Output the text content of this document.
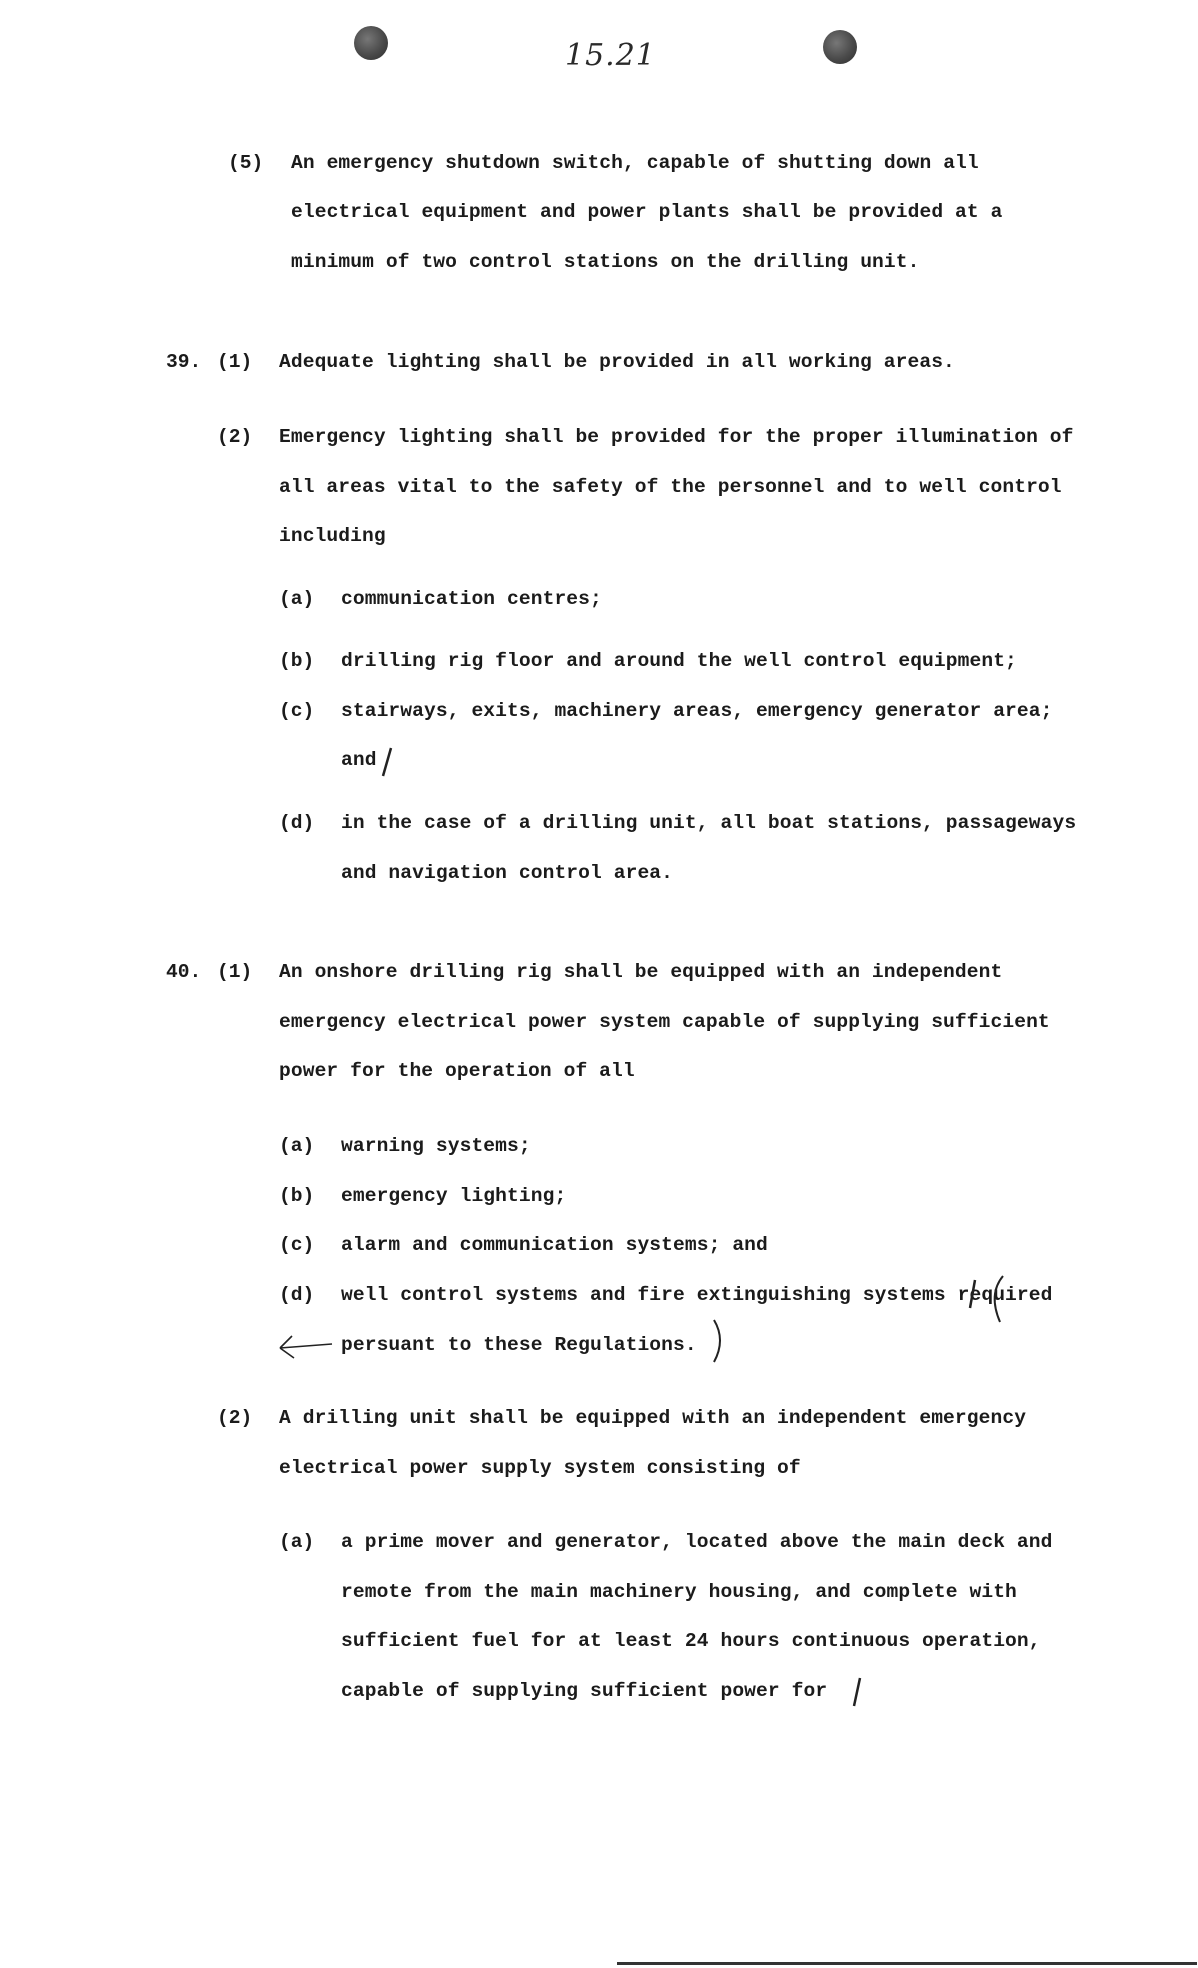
15.21
(5) An emergency shutdown switch, capable of shutting down all
electrical equipment and power plants shall be provided at a
minimum of two control stations on the drilling unit.
39. (1) Adequate lighting shall be provided in all working areas.
(2) Emergency lighting shall be provided for the proper illumination of
all areas vital to the safety of the personnel and to well control
including
(a) communication centres;
(b) drilling rig floor and around the well control equipment;
(c) stairways, exits, machinery areas, emergency generator area;
and
(d) in the case of a drilling unit, all boat stations, passageways
and navigation control area.
40. (1) An onshore drilling rig shall be equipped with an independent
emergency electrical power system capable of supplying sufficient
power for the operation of all
(a) warning systems;
(b) emergency lighting;
(c) alarm and communication systems; and
(d) well control systems and fire extinguishing systems required
persuant to these Regulations.
(2) A drilling unit shall be equipped with an independent emergency
electrical power supply system consisting of
(a) a prime mover and generator, located above the main deck and
remote from the main machinery housing, and complete with
sufficient fuel for at least 24 hours continuous operation,
capable of supplying sufficient power for
